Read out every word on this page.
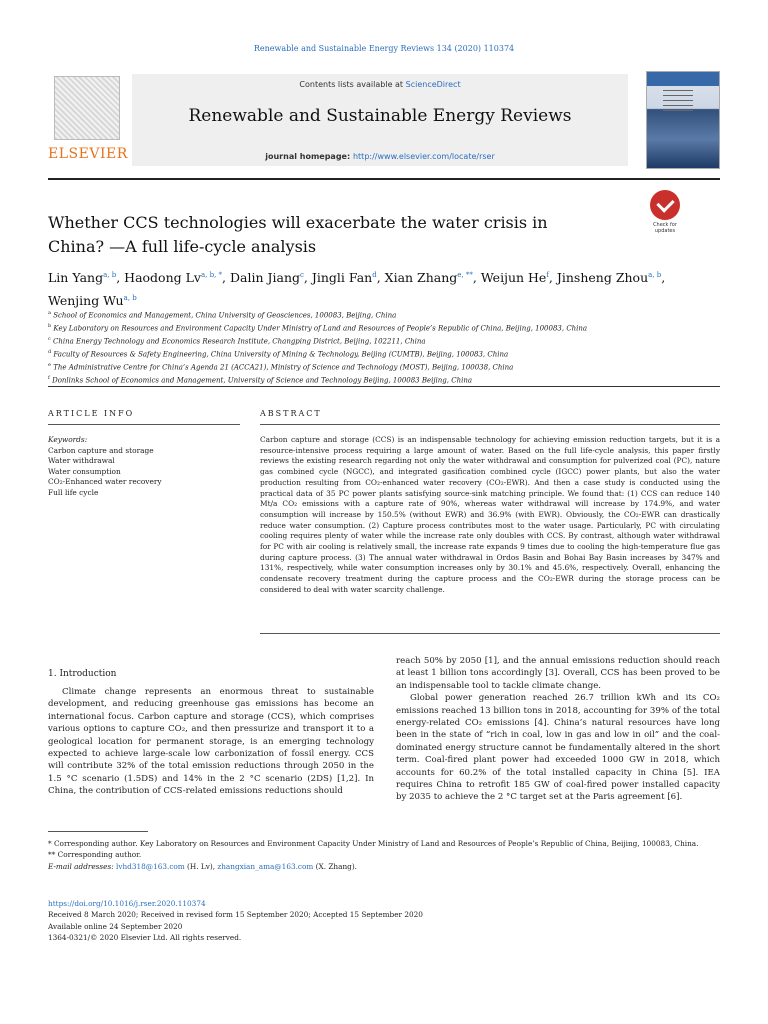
Renewable and Sustainable Energy Reviews 134 (2020) 110374
ELSEVIER
Contents lists available at ScienceDirect
Renewable and Sustainable Energy Reviews
journal homepage: http://www.elsevier.com/locate/rser
Whether CCS technologies will exacerbate the water crisis in China? —A full life-cycle analysis
Check for updates
Lin Yang$^{a, b}$, Haodong $Lv^{a, b, *}$, Dalin Jiang$^c$, Jingli Fan$^d$, Xian Zhang$^{e, **}$, Weijun He$^f$, Jinsheng Zhou$^{a, b}$, Wenjing Wu$^{a, b}$
$^a$ School of Economics and Management, China University of Geosciences, 100083, Beijing, China
$^b$ Key Laboratory on Resources and Environment Capacity Under Ministry of Land and Resources of People’s Republic of China, Beijing, 100083, China
$^c$ China Energy Technology and Economics Research Institute, Changping District, Beijing, 102211, China
$^d$ Faculty of Resources & Safety Engineering, China University of Mining & Technology, Beijing (CUMTB), Beijing, 100083, China
$^e$ The Administrative Centre for China’s Agenda 21 (ACCA21), Ministry of Science and Technology (MOST), Beijing, 100038, China
$^f$ Donlinks School of Economics and Management, University of Science and Technology Beijing, 100083 Beijing, China
ARTICLE INFO	ABSTRACT
Keywords:
Carbon capture and storage
Water withdrawal
Water consumption
CO₂-Enhanced water recovery
Full life cycle
Carbon capture and storage (CCS) is an indispensable technology for achieving emission reduction targets, but it is a resource-intensive process requiring a large amount of water. Based on the full life-cycle analysis, this paper firstly reviews the existing research regarding not only the water withdrawal and consumption for pulverized coal (PC), nature gas combined cycle (NGCC), and integrated gasification combined cycle (IGCC) power plants, but also the water production resulting from CO₂-enhanced water recovery (CO₂-EWR). And then a case study is conducted using the practical data of 35 PC power plants satisfying source-sink matching principle. We found that: (1) CCS can reduce 140 Mt/a CO₂ emissions with a capture rate of 90%, whereas water withdrawal will increase by 174.9%, and water consumption will increase by 150.5% (without EWR) and 36.9% (with EWR). Obviously, the CO₂-EWR can drastically reduce water consumption. (2) Capture process contributes most to the water usage. Particularly, PC with circulating cooling requires plenty of water while the increase rate only doubles with CCS. By contrast, although water withdrawal for PC with air cooling is relatively small, the increase rate expands 9 times due to cooling the high-temperature flue gas during capture process. (3) The annual water withdrawal in Ordos Basin and Bohai Bay Basin increases by 347% and 131%, respectively, while water consumption increases only by 30.1% and 45.6%, respectively. Overall, enhancing the condensate recovery treatment during the capture process and the CO₂-EWR during the storage process can be considered to deal with water scarcity challenge.
1. Introduction

Climate change represents an enormous threat to sustainable development, and reducing greenhouse gas emissions has become an international focus. Carbon capture and storage (CCS), which comprises various options to capture CO₂, and then pressurize and transport it to a geological location for permanent storage, is an emerging technology expected to achieve large-scale low carbonization of fossil energy. CCS will contribute 32% of the total emission reductions through 2050 in the 1.5 °C scenario (1.5DS) and 14% in the 2 °C scenario (2DS) [1,2]. In China, the contribution of CCS-related emissions reductions should

reach 50% by 2050 [1], and the annual emissions reduction should reach at least 1 billion tons accordingly [3]. Overall, CCS has been proved to be an indispensable tool to tackle climate change.

Global power generation reached 26.7 trillion kWh and its CO₂ emissions reached 13 billion tons in 2018, accounting for 39% of the total energy-related CO₂ emissions [4]. China’s natural resources have long been in the state of “rich in coal, low in gas and low in oil” and the coal-dominated energy structure cannot be fundamentally altered in the short term. Coal-fired plant power had exceeded 1000 GW in 2018, which accounts for 60.2% of the total installed capacity in China [5]. IEA requires China to retrofit 185 GW of coal-fired power installed capacity by 2035 to achieve the 2 °C target set at the Paris agreement [6].

* Corresponding author. Key Laboratory on Resources and Environment Capacity Under Ministry of Land and Resources of People’s Republic of China, Beijing, 100083, China.
** Corresponding author.
E-mail addresses: lvhd318@163.com (H. Lv), zhangxian_ama@163.com (X. Zhang).
https://doi.org/10.1016/j.rser.2020.110374
Received 8 March 2020; Received in revised form 15 September 2020; Accepted 15 September 2020
Available online 24 September 2020
1364-0321/© 2020 Elsevier Ltd. All rights reserved.
